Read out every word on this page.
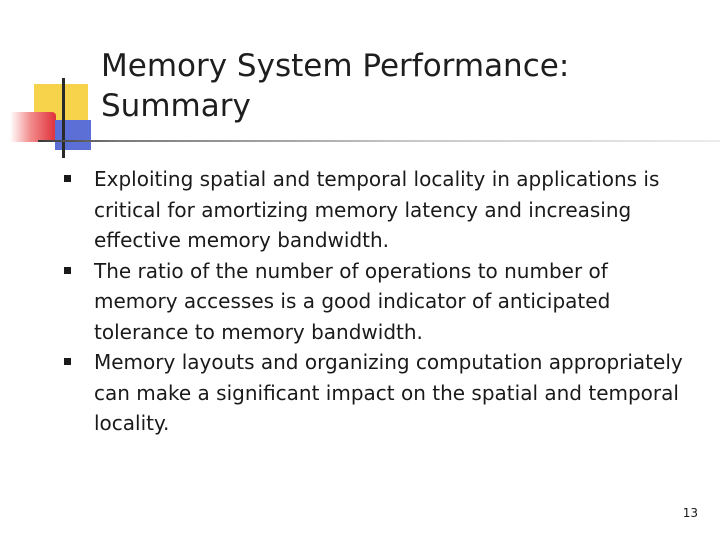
Memory System Performance: Summary
Exploiting spatial and temporal locality in applications is critical for amortizing memory latency and increasing effective memory bandwidth.
The ratio of the number of operations to number of memory accesses is a good indicator of anticipated tolerance to memory bandwidth.
Memory layouts and organizing computation appropriately can make a significant impact on the spatial and temporal locality.
13
